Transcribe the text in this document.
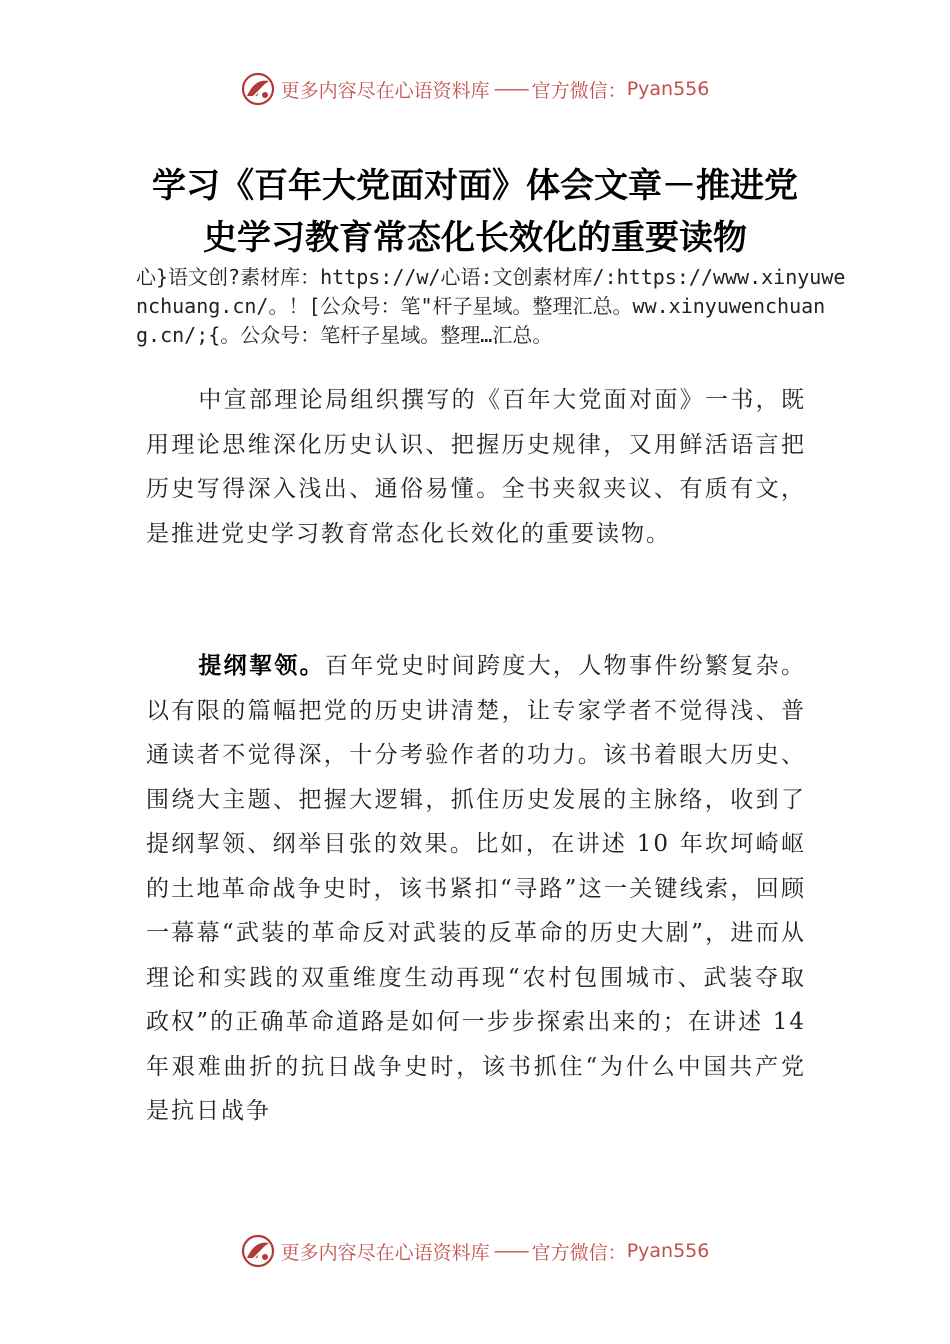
更多内容尽在心语资料库 —— 官方微信： Pyan556
学习《百年大党面对面》体会文章－推进党
史学习教育常态化长效化的重要读物
心}语文创?素材库：https://w/心语:文创素材库/:https://www.xinyuwenchuang.cn/。！[公众号：笔"杆子星域。整理汇总。ww.xinyuwenchuang.cn/;{。公众号：笔杆子星域。整理…汇总。
中宣部理论局组织撰写的《百年大党面对面》一书，既用理论思维深化历史认识、把握历史规律，又用鲜活语言把历史写得深入浅出、通俗易懂。全书夹叙夹议、有质有文，是推进党史学习教育常态化长效化的重要读物。
提纲挈领。百年党史时间跨度大，人物事件纷繁复杂。以有限的篇幅把党的历史讲清楚，让专家学者不觉得浅、普通读者不觉得深，十分考验作者的功力。该书着眼大历史、围绕大主题、把握大逻辑，抓住历史发展的主脉络，收到了提纲挈领、纲举目张的效果。比如，在讲述 10 年坎坷崎岖的土地革命战争史时，该书紧扣“寻路”这一关键线索，回顾一幕幕“武装的革命反对武装的反革命的历史大剧”，进而从理论和实践的双重维度生动再现“农村包围城市、武装夺取政权”的正确革命道路是如何一步步探索出来的；在讲述 14 年艰难曲折的抗日战争史时，该书抓住“为什么中国共产党是抗日战争
更多内容尽在心语资料库 —— 官方微信： Pyan556
